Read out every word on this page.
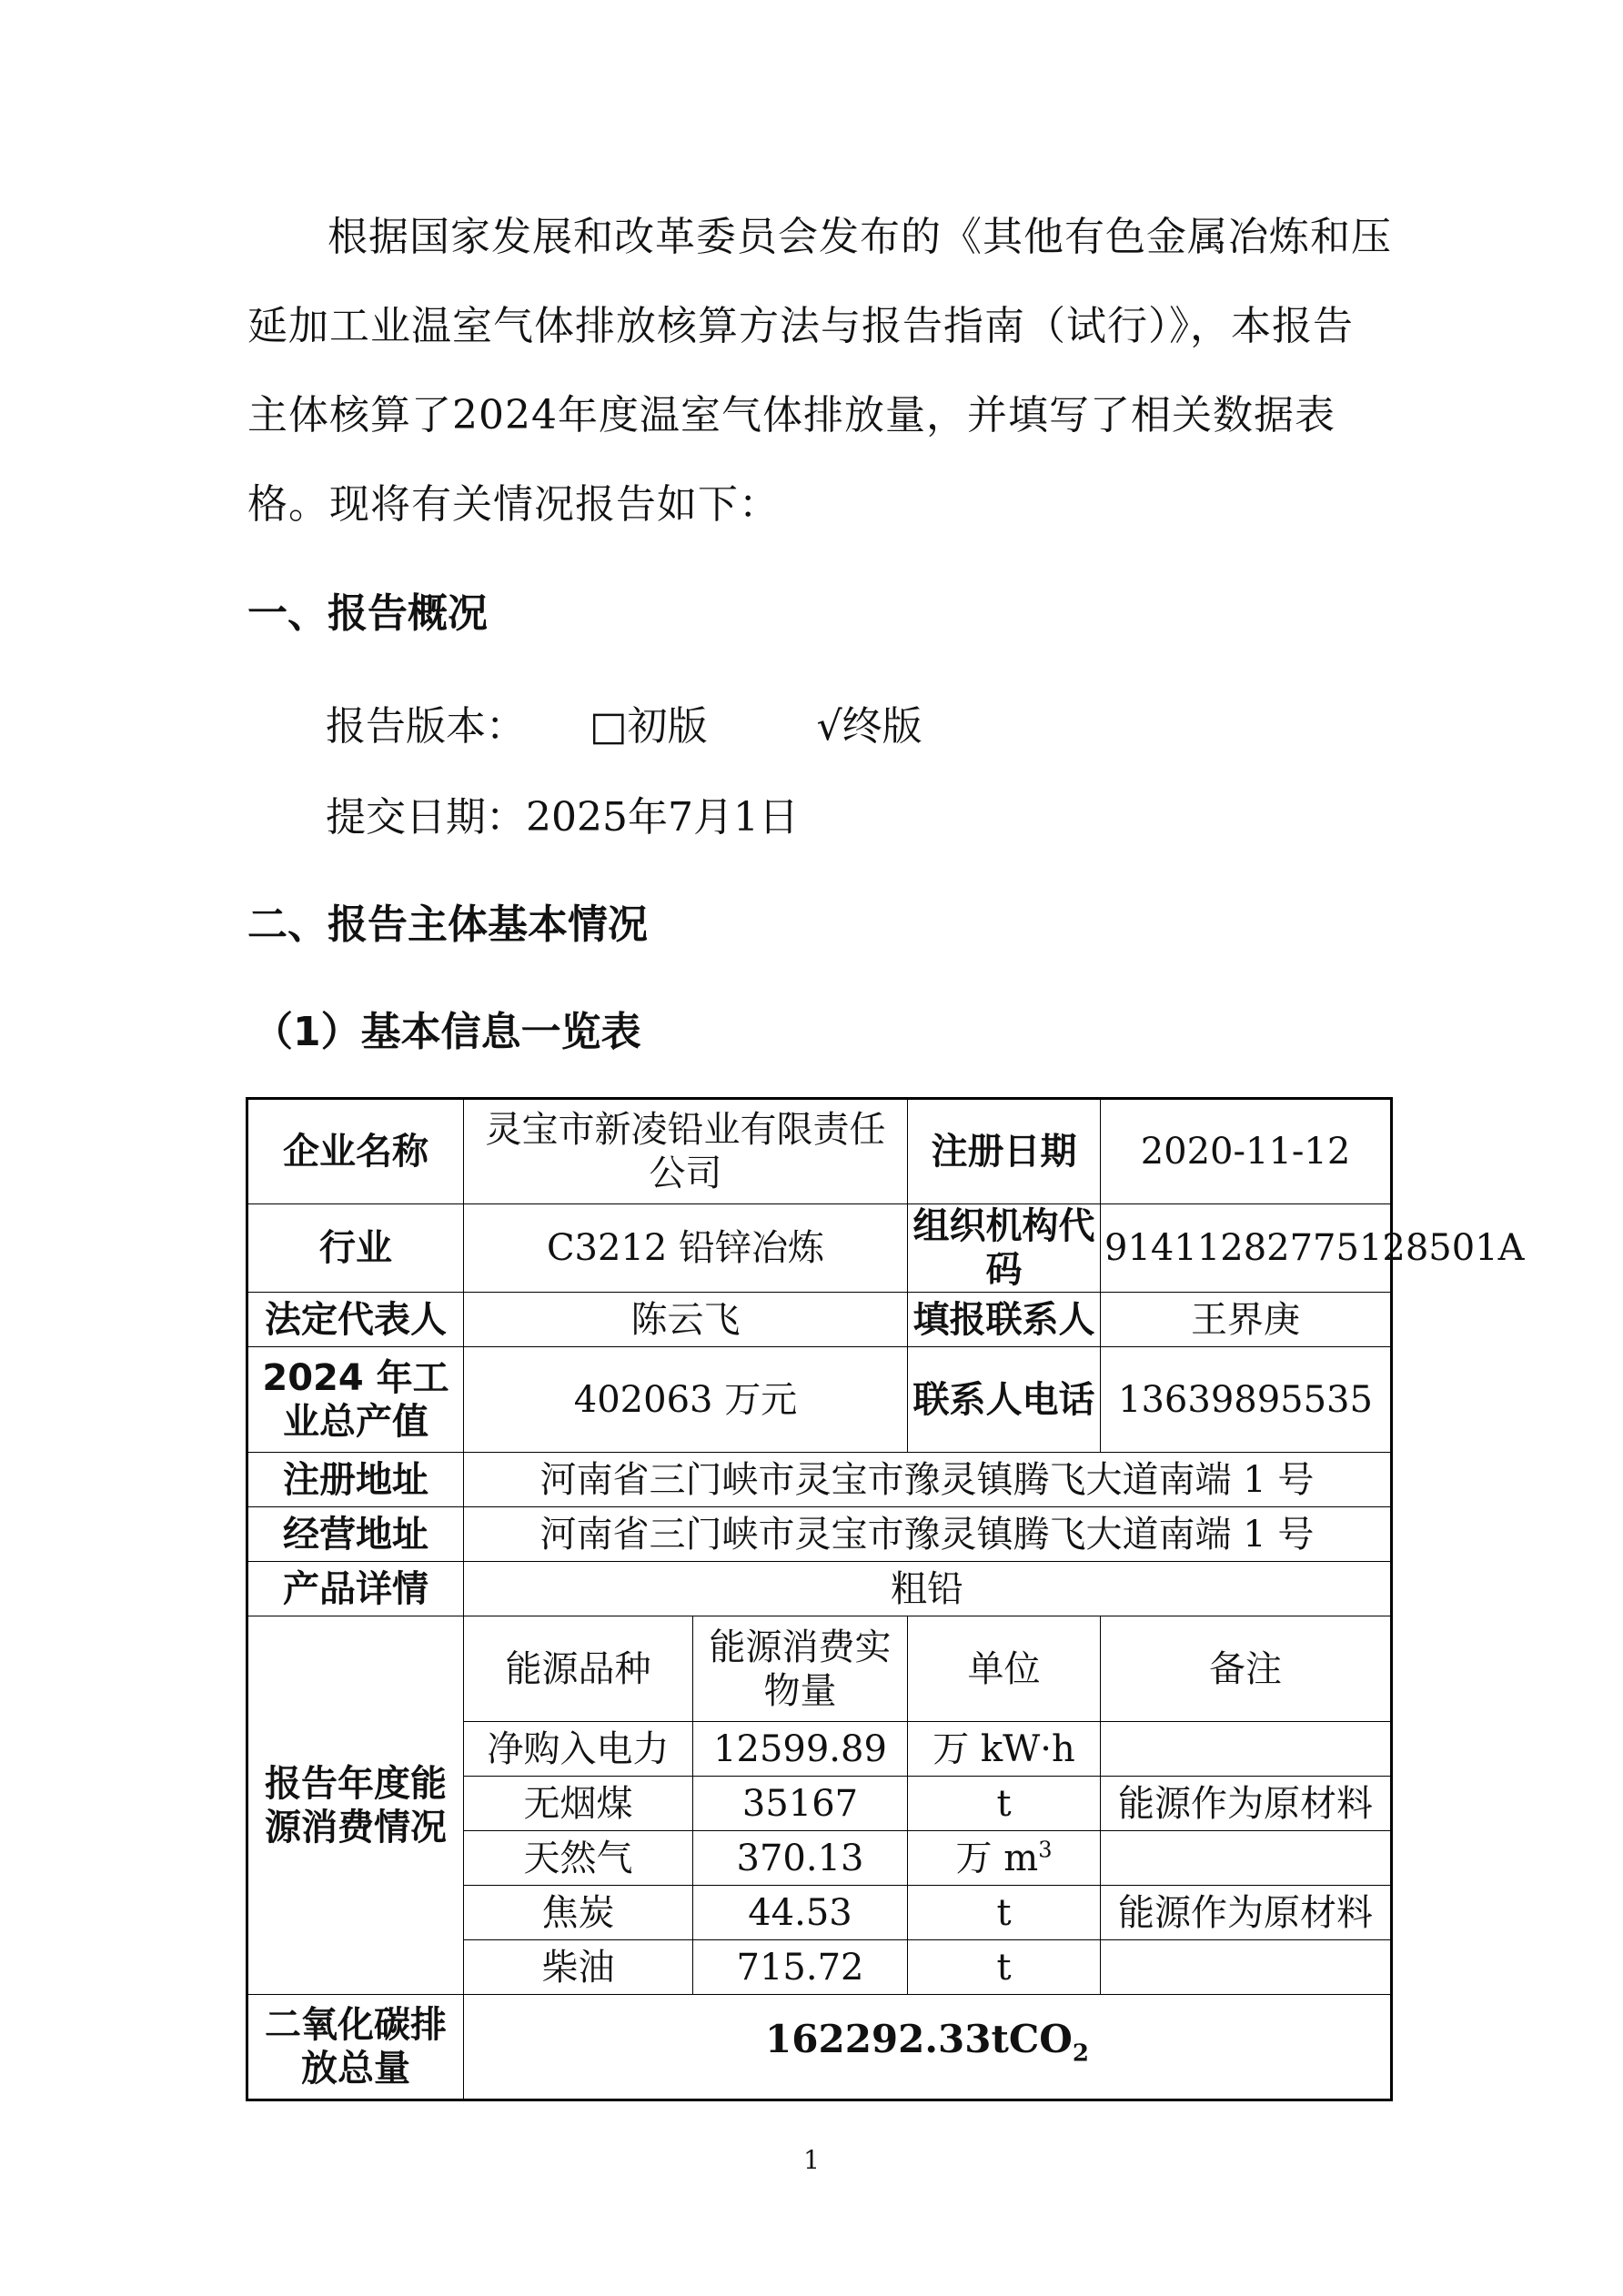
根据国家发展和改革委员会发布的《其他有色金属冶炼和压延加工业温室气体排放核算方法与报告指南（试行）》，本报告主体核算了2024年度温室气体排放量，并填写了相关数据表格。现将有关情况报告如下：

一、报告概况

报告版本： □初版	√终版

提交日期：2025年7月1日

二、报告主体基本情况

（1）基本信息一览表

企业名称	灵宝市新凌铅业有限责任公司		注册日期	2020-11-12
行业	C3212 铅锌冶炼		组织机构代码	91411282775128501A
法定代表人	陈云飞		填报联系人	王界庚
2024 年工业总产值	402063 万元		联系人电话	13639895535
注册地址	河南省三门峡市灵宝市豫灵镇腾飞大道南端 1 号			
经营地址	河南省三门峡市灵宝市豫灵镇腾飞大道南端 1 号			
产品详情	粗铅			
报告年度能源消费情况	能源品种	能源消费实物量	单位	备注
	净购入电力	12599.89	万 kW·h	
	无烟煤	35167	t	能源作为原材料
	天然气	370.13	万 $m^3$	
	焦炭	44.53	t	能源作为原材料
	柴油	715.72	t	
二氧化碳排放总量	162292.33tCO$_2$
1
